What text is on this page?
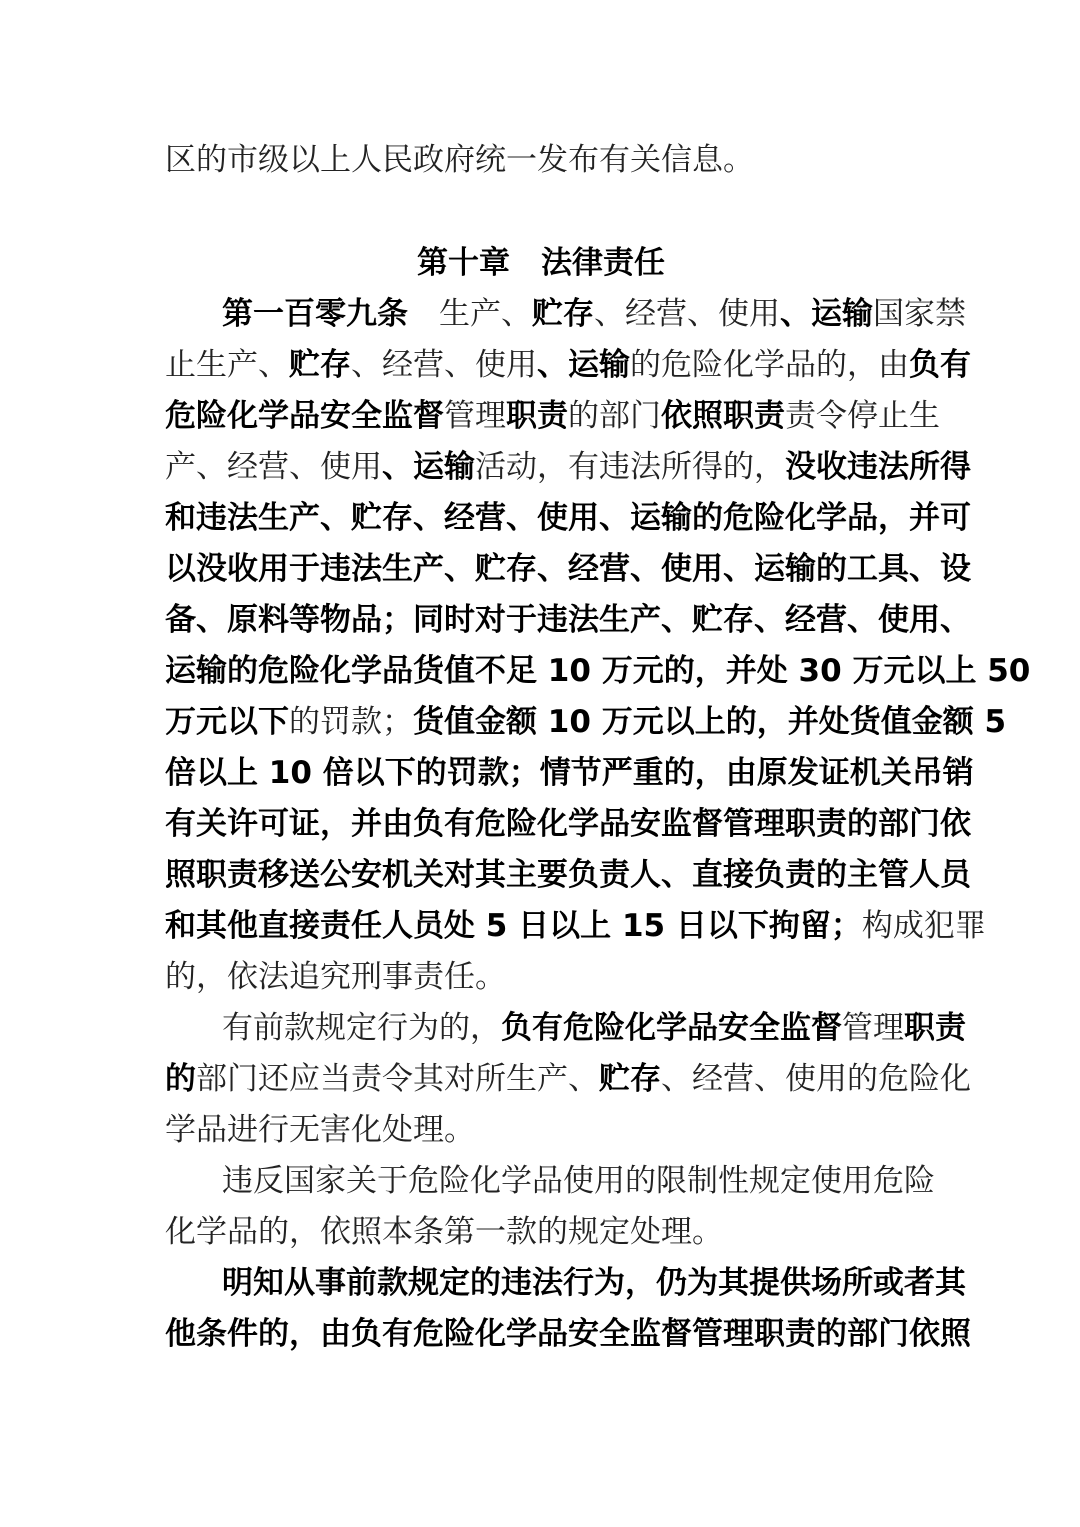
区的市级以上人民政府统一发布有关信息。
第十章　法律责任
第一百零九条　生产、贮存、经营、使用、运输国家禁
止生产、贮存、经营、使用、运输的危险化学品的，由负有
危险化学品安全监督管理职责的部门依照职责责令停止生
产、经营、使用、运输活动，有违法所得的，没收违法所得
和违法生产、贮存、经营、使用、运输的危险化学品，并可
以没收用于违法生产、贮存、经营、使用、运输的工具、设
备、原料等物品；同时对于违法生产、贮存、经营、使用、
运输的危险化学品货值不足 10 万元的，并处 30 万元以上 50
万元以下的罚款；货值金额 10 万元以上的，并处货值金额 5
倍以上 10 倍以下的罚款；情节严重的，由原发证机关吊销
有关许可证，并由负有危险化学品安监督管理职责的部门依
照职责移送公安机关对其主要负责人、直接负责的主管人员
和其他直接责任人员处 5 日以上 15 日以下拘留；构成犯罪
的，依法追究刑事责任。
有前款规定行为的，负有危险化学品安全监督管理职责
的部门还应当责令其对所生产、贮存、经营、使用的危险化
学品进行无害化处理。
违反国家关于危险化学品使用的限制性规定使用危险
化学品的，依照本条第一款的规定处理。
明知从事前款规定的违法行为，仍为其提供场所或者其
他条件的，由负有危险化学品安全监督管理职责的部门依照
